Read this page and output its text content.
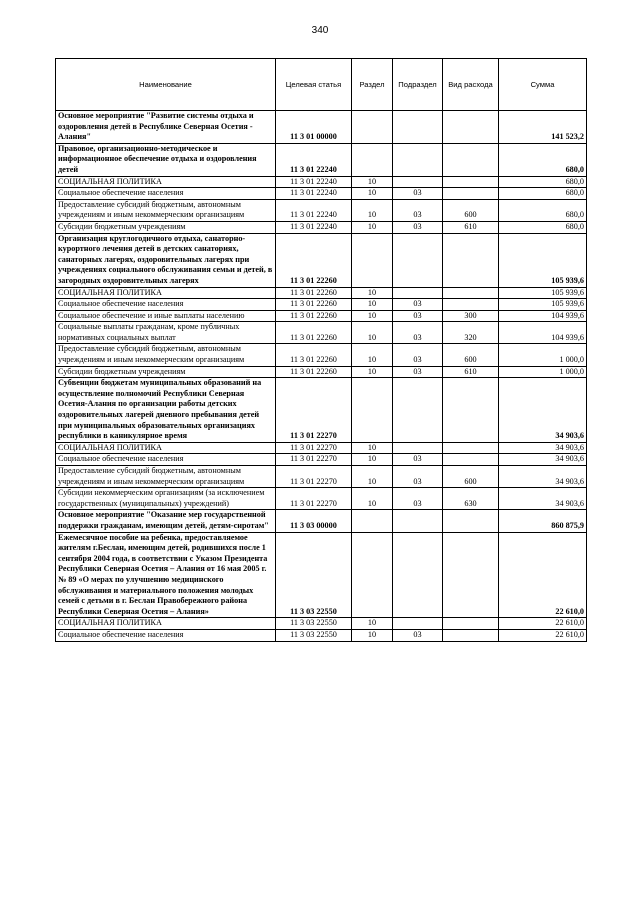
340
Наименование	Целевая статья	Раздел	Подраздел	Вид расхода	Сумма
Основное мероприятие "Развитие системы отдыха и оздоровления детей в Республике Северная Осетия - Алания"	11 3 01 00000				141 523,2
Правовое, организационно-методическое и информационное обеспечение отдыха и оздоровления детей	11 3 01 22240				680,0
СОЦИАЛЬНАЯ ПОЛИТИКА	11 3 01 22240	10			680,0
Социальное обеспечение населения	11 3 01 22240	10	03		680,0
Предоставление субсидий бюджетным, автономным учреждениям и иным некоммерческим организациям	11 3 01 22240	10	03	600	680,0
Субсидии бюджетным учреждениям	11 3 01 22240	10	03	610	680,0
Организация круглогодичного отдыха, санаторно-курортного лечения детей в детских санаториях, санаторных лагерях, оздоровительных лагерях при учреждениях социального обслуживания семьи и детей, в загородных оздоровительных лагерях	11 3 01 22260				105 939,6
СОЦИАЛЬНАЯ ПОЛИТИКА	11 3 01 22260	10			105 939,6
Социальное обеспечение населения	11 3 01 22260	10	03		105 939,6
Социальное обеспечение и иные выплаты населению	11 3 01 22260	10	03	300	104 939,6
Социальные выплаты гражданам, кроме публичных нормативных социальных выплат	11 3 01 22260	10	03	320	104 939,6
Предоставление субсидий бюджетным, автономным учреждениям и иным некоммерческим организациям	11 3 01 22260	10	03	600	1 000,0
Субсидии бюджетным учреждениям	11 3 01 22260	10	03	610	1 000,0
Субвенции бюджетам муниципальных образований на осуществление полномочий Республики Северная Осетия-Алания по организации работы детских оздоровительных лагерей дневного пребывания детей при муниципальных образовательных организациях республики в каникулярное время	11 3 01 22270				34 903,6
СОЦИАЛЬНАЯ ПОЛИТИКА	11 3 01 22270	10			34 903,6
Социальное обеспечение населения	11 3 01 22270	10	03		34 903,6
Предоставление субсидий бюджетным, автономным учреждениям и иным некоммерческим организациям	11 3 01 22270	10	03	600	34 903,6
Субсидии некоммерческим организациям (за исключением государственных (муниципальных) учреждений)	11 3 01 22270	10	03	630	34 903,6
Основное мероприятие "Оказание мер государственной поддержки гражданам, имеющим детей, детям-сиротам"	11 3 03 00000				860 875,9
Ежемесячное пособие на ребенка, предоставляемое жителям г.Беслан, имеющим детей, родившихся после 1 сентября 2004 года, в соответствии с Указом Президента Республики Северная Осетия – Алания от 16 мая 2005 г. № 89 «О мерах по улучшению медицинского обслуживания и материального положения молодых семей с детьми в г. Беслан Правобережного района Республики Северная Осетия – Алания»	11 3 03 22550				22 610,0
СОЦИАЛЬНАЯ ПОЛИТИКА	11 3 03 22550	10			22 610,0
Социальное обеспечение населения	11 3 03 22550	10	03		22 610,0
